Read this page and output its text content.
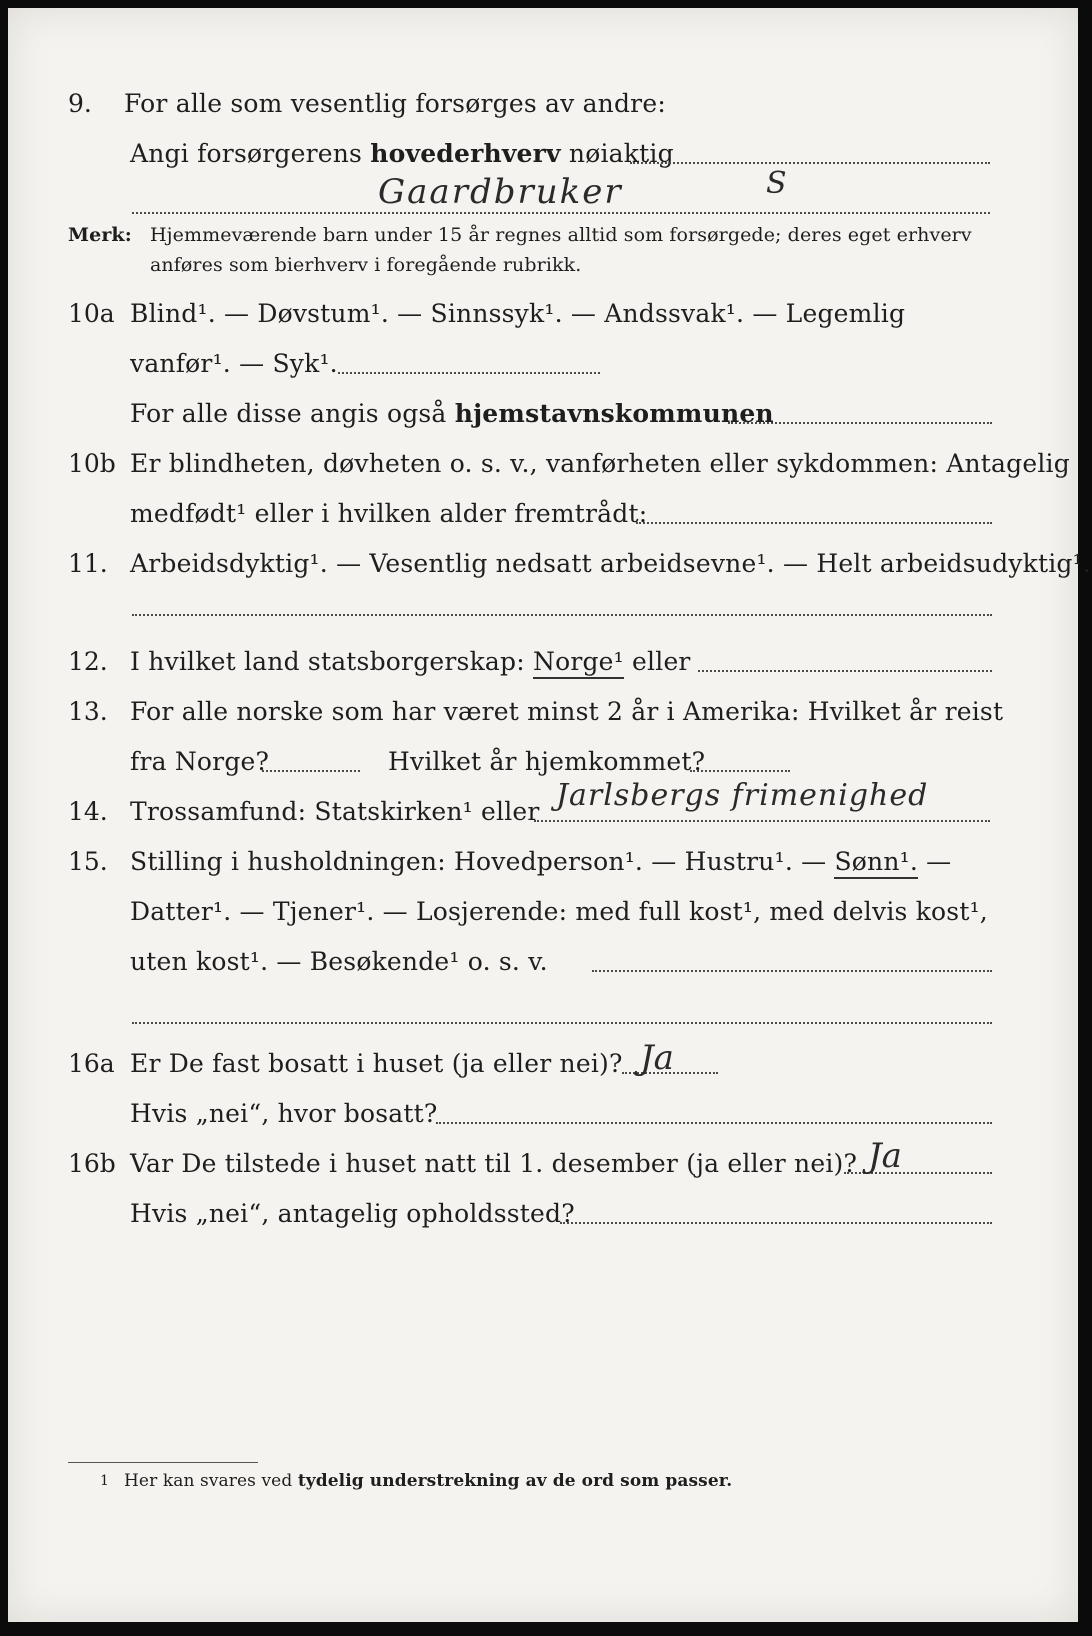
9. For alle som vesentlig forsørges av andre:
Angi forsørgerens hovederhverv nøiaktig
Gaardbruker	S
Merk: Hjemmeværende barn under 15 år regnes alltid som forsørgede; deres eget erhverv
anføres som bierhverv i foregående rubrikk.
10a Blind¹. — Døvstum¹. — Sinnssyk¹. — Andssvak¹. — Legemlig
vanfør¹. — Syk¹.
For alle disse angis også hjemstavnskommunen
10b Er blindheten, døvheten o. s. v., vanførheten eller sykdommen: Antagelig
medfødt¹ eller i hvilken alder fremtrådt:
11. Arbeidsdyktig¹. — Vesentlig nedsatt arbeidsevne¹. — Helt arbeidsudyktig¹.
12. I hvilket land statsborgerskap: Norge¹ eller
13. For alle norske som har været minst 2 år i Amerika: Hvilket år reist
fra Norge?	Hvilket år hjemkommet?
14. Trossamfund: Statskirken¹ eller Jarlsbergs frimenighed
15. Stilling i husholdningen: Hovedperson¹. — Hustru¹. — Sønn¹. —
Datter¹. — Tjener¹. — Losjerende: med full kost¹, med delvis kost¹,
uten kost¹. — Besøkende¹ o. s. v.
16a Er De fast bosatt i huset (ja eller nei)? Ja
Hvis „nei“, hvor bosatt?
16b Var De tilstede i huset natt til 1. desember (ja eller nei)? Ja
Hvis „nei“, antagelig opholdssted?
1 Her kan svares ved tydelig understrekning av de ord som passer.
